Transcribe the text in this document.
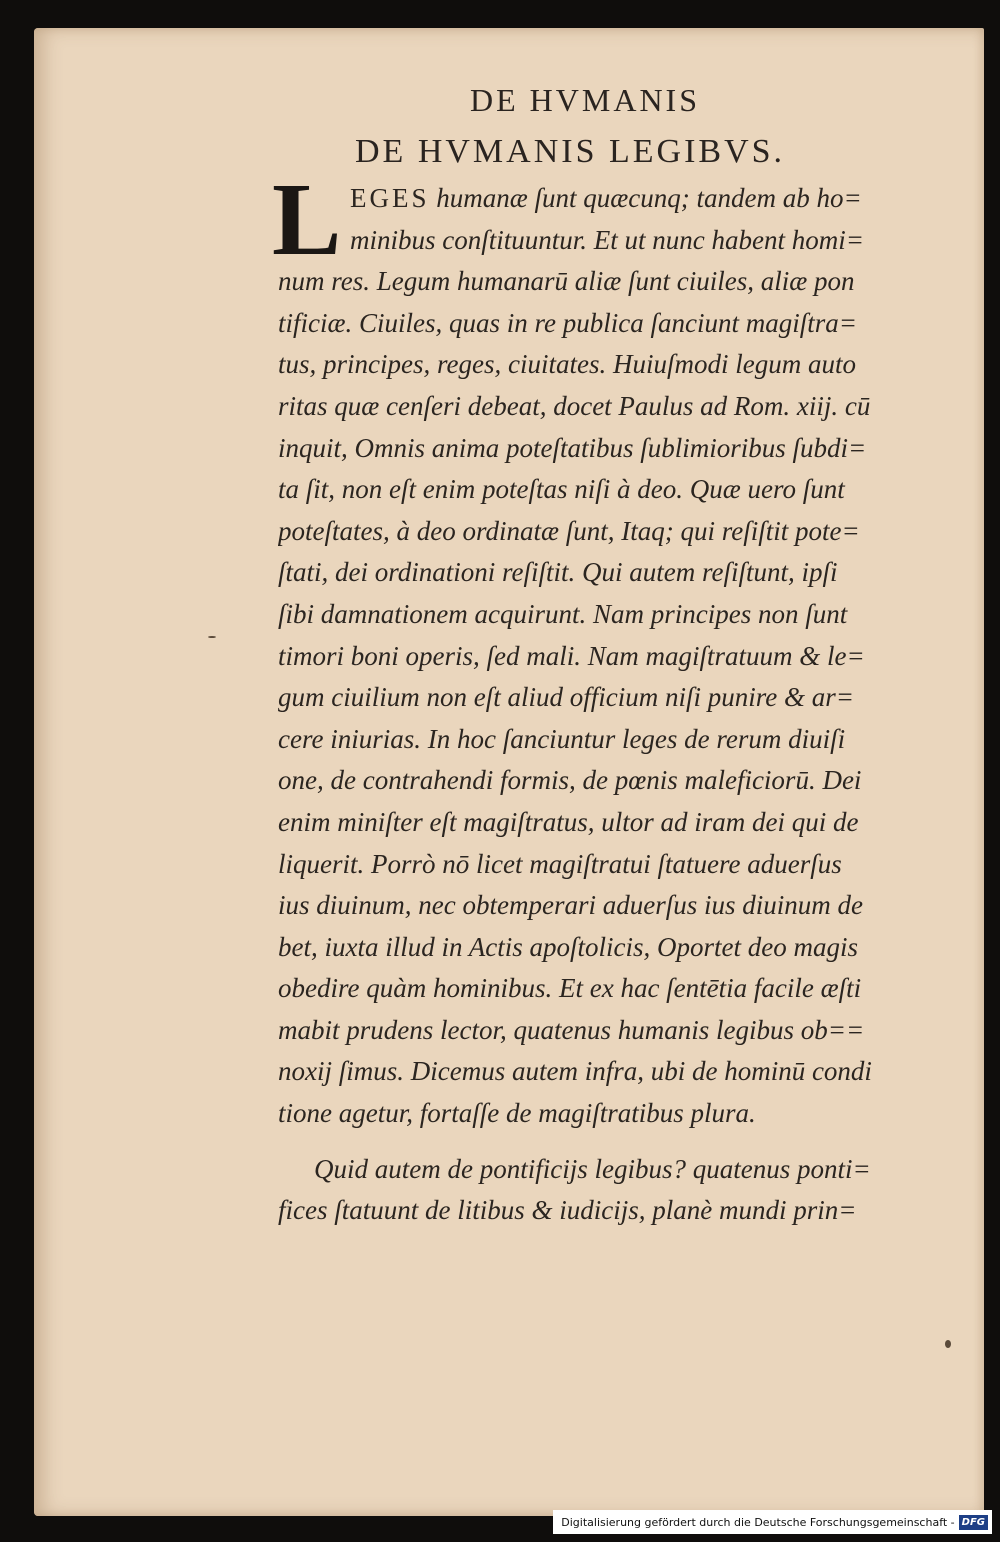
DE HVMANIS
DE HVMANIS LEGIBVS.
L EGES humanæ ſunt quæcunq; tandem ab ho=
minibus conſtituuntur. Et ut nunc habent homi=
num res. Legum humanarū aliæ ſunt ciuiles, aliæ pon
tificiæ. Ciuiles, quas in re publica ſanciunt magiſtra=
tus, principes, reges, ciuitates. Huiuſmodi legum auto
ritas quæ cenſeri debeat, docet Paulus ad Rom. xiij. cū
inquit, Omnis anima poteſtatibus ſublimioribus ſubdi=
ta ſit, non eſt enim poteſtas niſi à deo. Quæ uero ſunt
poteſtates, à deo ordinatæ ſunt, Itaq; qui reſiſtit pote=
ſtati, dei ordinationi reſiſtit. Qui autem reſiſtunt, ipſi
ſibi damnationem acquirunt. Nam principes non ſunt
timori boni operis, ſed mali. Nam magiſtratuum & le=
gum ciuilium non eſt aliud officium niſi punire & ar=
cere iniurias. In hoc ſanciuntur leges de rerum diuiſi
one, de contrahendi formis, de pœnis maleficiorū. Dei
enim miniſter eſt magiſtratus, ultor ad iram dei qui de
liquerit. Porrò nō licet magiſtratui ſtatuere aduerſus
ius diuinum, nec obtemperari aduerſus ius diuinum de
bet, iuxta illud in Actis apoſtolicis, Oportet deo magis
obedire quàm hominibus. Et ex hac ſentētia facile æſti
mabit prudens lector, quatenus humanis legibus ob==
noxij ſimus. Dicemus autem infra, ubi de hominū condi
tione agetur, fortaſſe de magiſtratibus plura.
Quid autem de pontificijs legibus? quatenus ponti=
fices ſtatuunt de litibus & iudicijs, planè mundi prin=
Digitalisierung gefördert durch die Deutsche Forschungsgemeinschaft - DFG
